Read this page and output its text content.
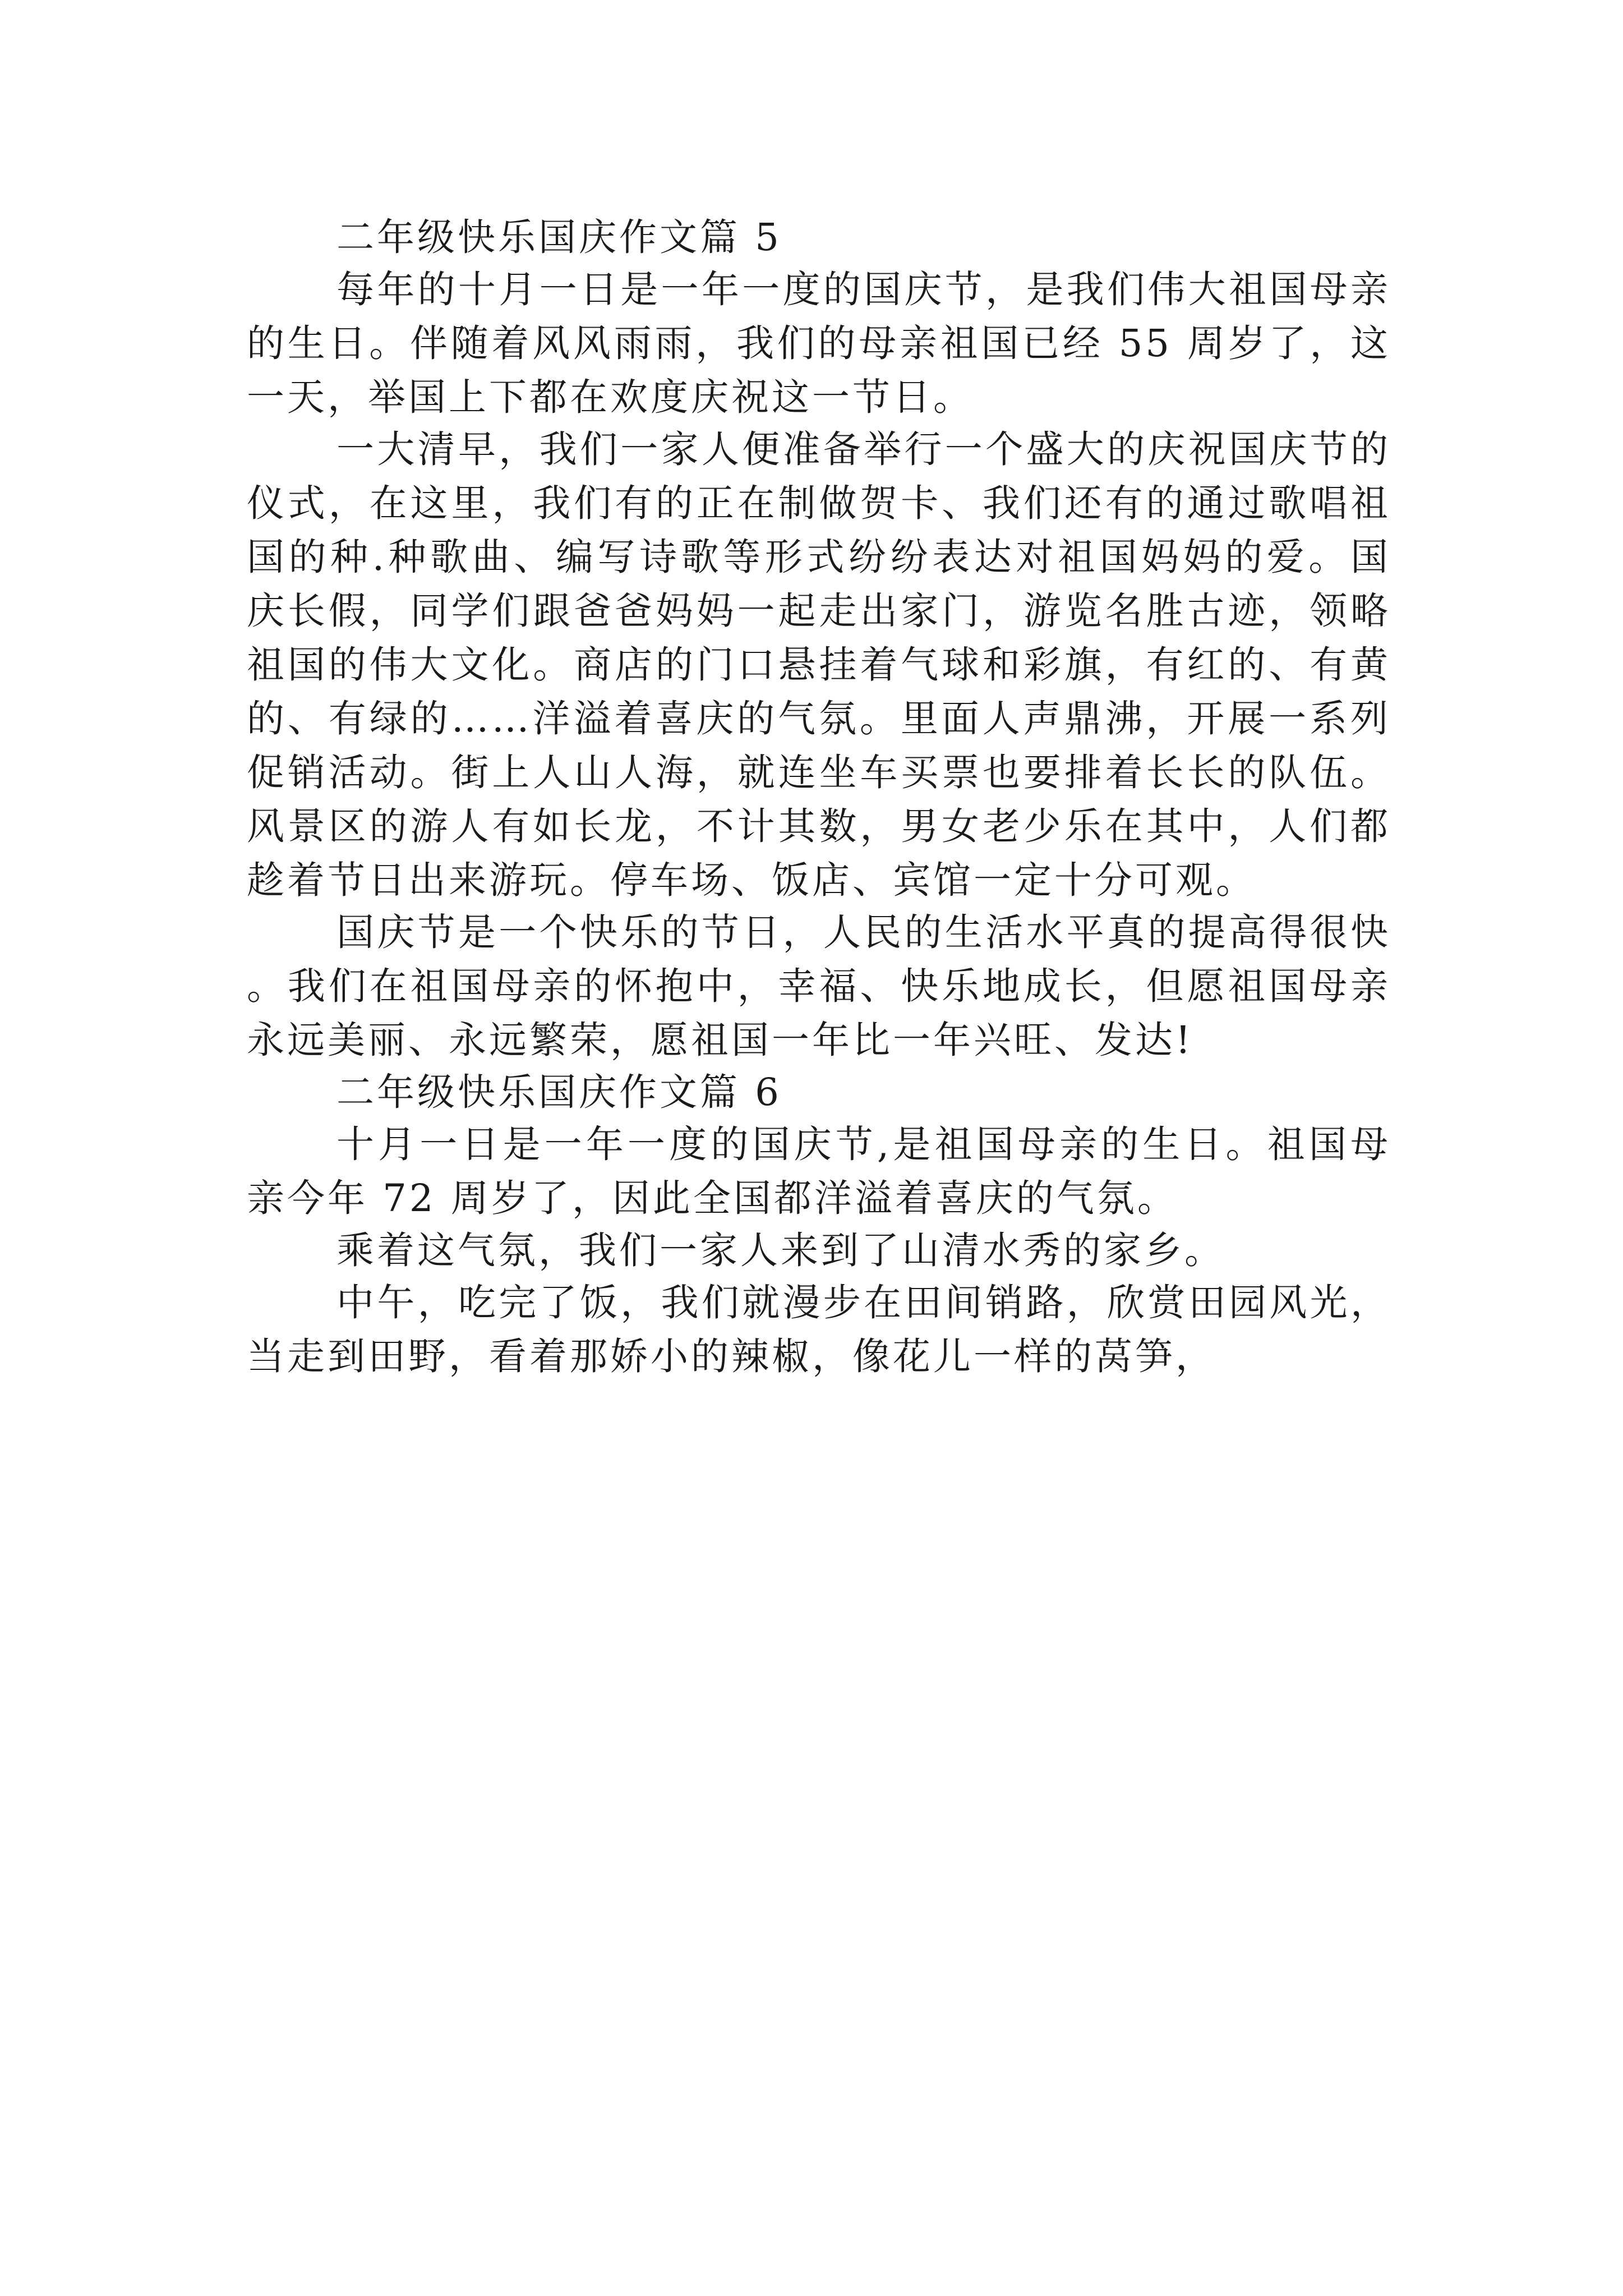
二年级快乐国庆作文篇 5

每年的十月一日是一年一度的国庆节，是我们伟大祖国母亲的生日。伴随着风风雨雨，我们的母亲祖国已经 55 周岁了，这一天，举国上下都在欢度庆祝这一节日。

一大清早，我们一家人便准备举行一个盛大的庆祝国庆节的仪式，在这里，我们有的正在制做贺卡、我们还有的通过歌唱祖国的种.种歌曲、编写诗歌等形式纷纷表达对祖国妈妈的爱。国庆长假，同学们跟爸爸妈妈一起走出家门，游览名胜古迹，领略祖国的伟大文化。商店的门口悬挂着气球和彩旗，有红的、有黄的、有绿的……洋溢着喜庆的气氛。里面人声鼎沸，开展一系列促销活动。街上人山人海，就连坐车买票也要排着长长的队伍。风景区的游人有如长龙，不计其数，男女老少乐在其中，人们都趁着节日出来游玩。停车场、饭店、宾馆一定十分可观。

国庆节是一个快乐的节日，人民的生活水平真的提高得很快。我们在祖国母亲的怀抱中，幸福、快乐地成长，但愿祖国母亲永远美丽、永远繁荣，愿祖国一年比一年兴旺、发达!

二年级快乐国庆作文篇 6

十月一日是一年一度的国庆节,是祖国母亲的生日。祖国母亲今年 72 周岁了，因此全国都洋溢着喜庆的气氛。

乘着这气氛，我们一家人来到了山清水秀的家乡。

中午，吃完了饭，我们就漫步在田间销路，欣赏田园风光，当走到田野，看着那娇小的辣椒，像花儿一样的莴笋，
